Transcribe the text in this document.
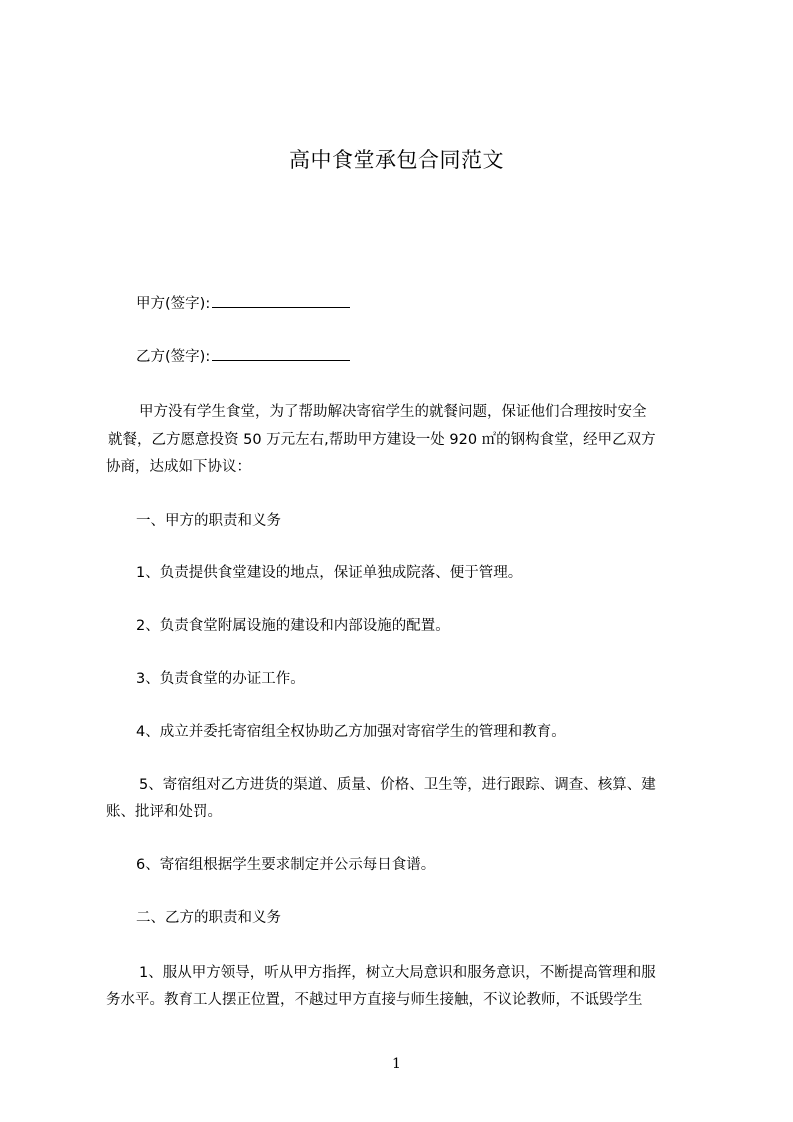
高中食堂承包合同范文
甲方(签字):
乙方(签字):
甲方没有学生食堂，为了帮助解决寄宿学生的就餐问题，保证他们合理按时安全
就餐，乙方愿意投资 50 万元左右,帮助甲方建设一处 920 ㎡的钢构食堂，经甲乙双方
协商，达成如下协议：
一、甲方的职责和义务
1、负责提供食堂建设的地点，保证单独成院落、便于管理。
2、负责食堂附属设施的建设和内部设施的配置。
3、负责食堂的办证工作。
4、成立并委托寄宿组全权协助乙方加强对寄宿学生的管理和教育。
5、寄宿组对乙方进货的渠道、质量、价格、卫生等，进行跟踪、调查、核算、建
账、批评和处罚。
6、寄宿组根据学生要求制定并公示每日食谱。
二、乙方的职责和义务
1、服从甲方领导，听从甲方指挥，树立大局意识和服务意识，不断提高管理和服
务水平。教育工人摆正位置，不越过甲方直接与师生接触，不议论教师，不诋毁学生
1
